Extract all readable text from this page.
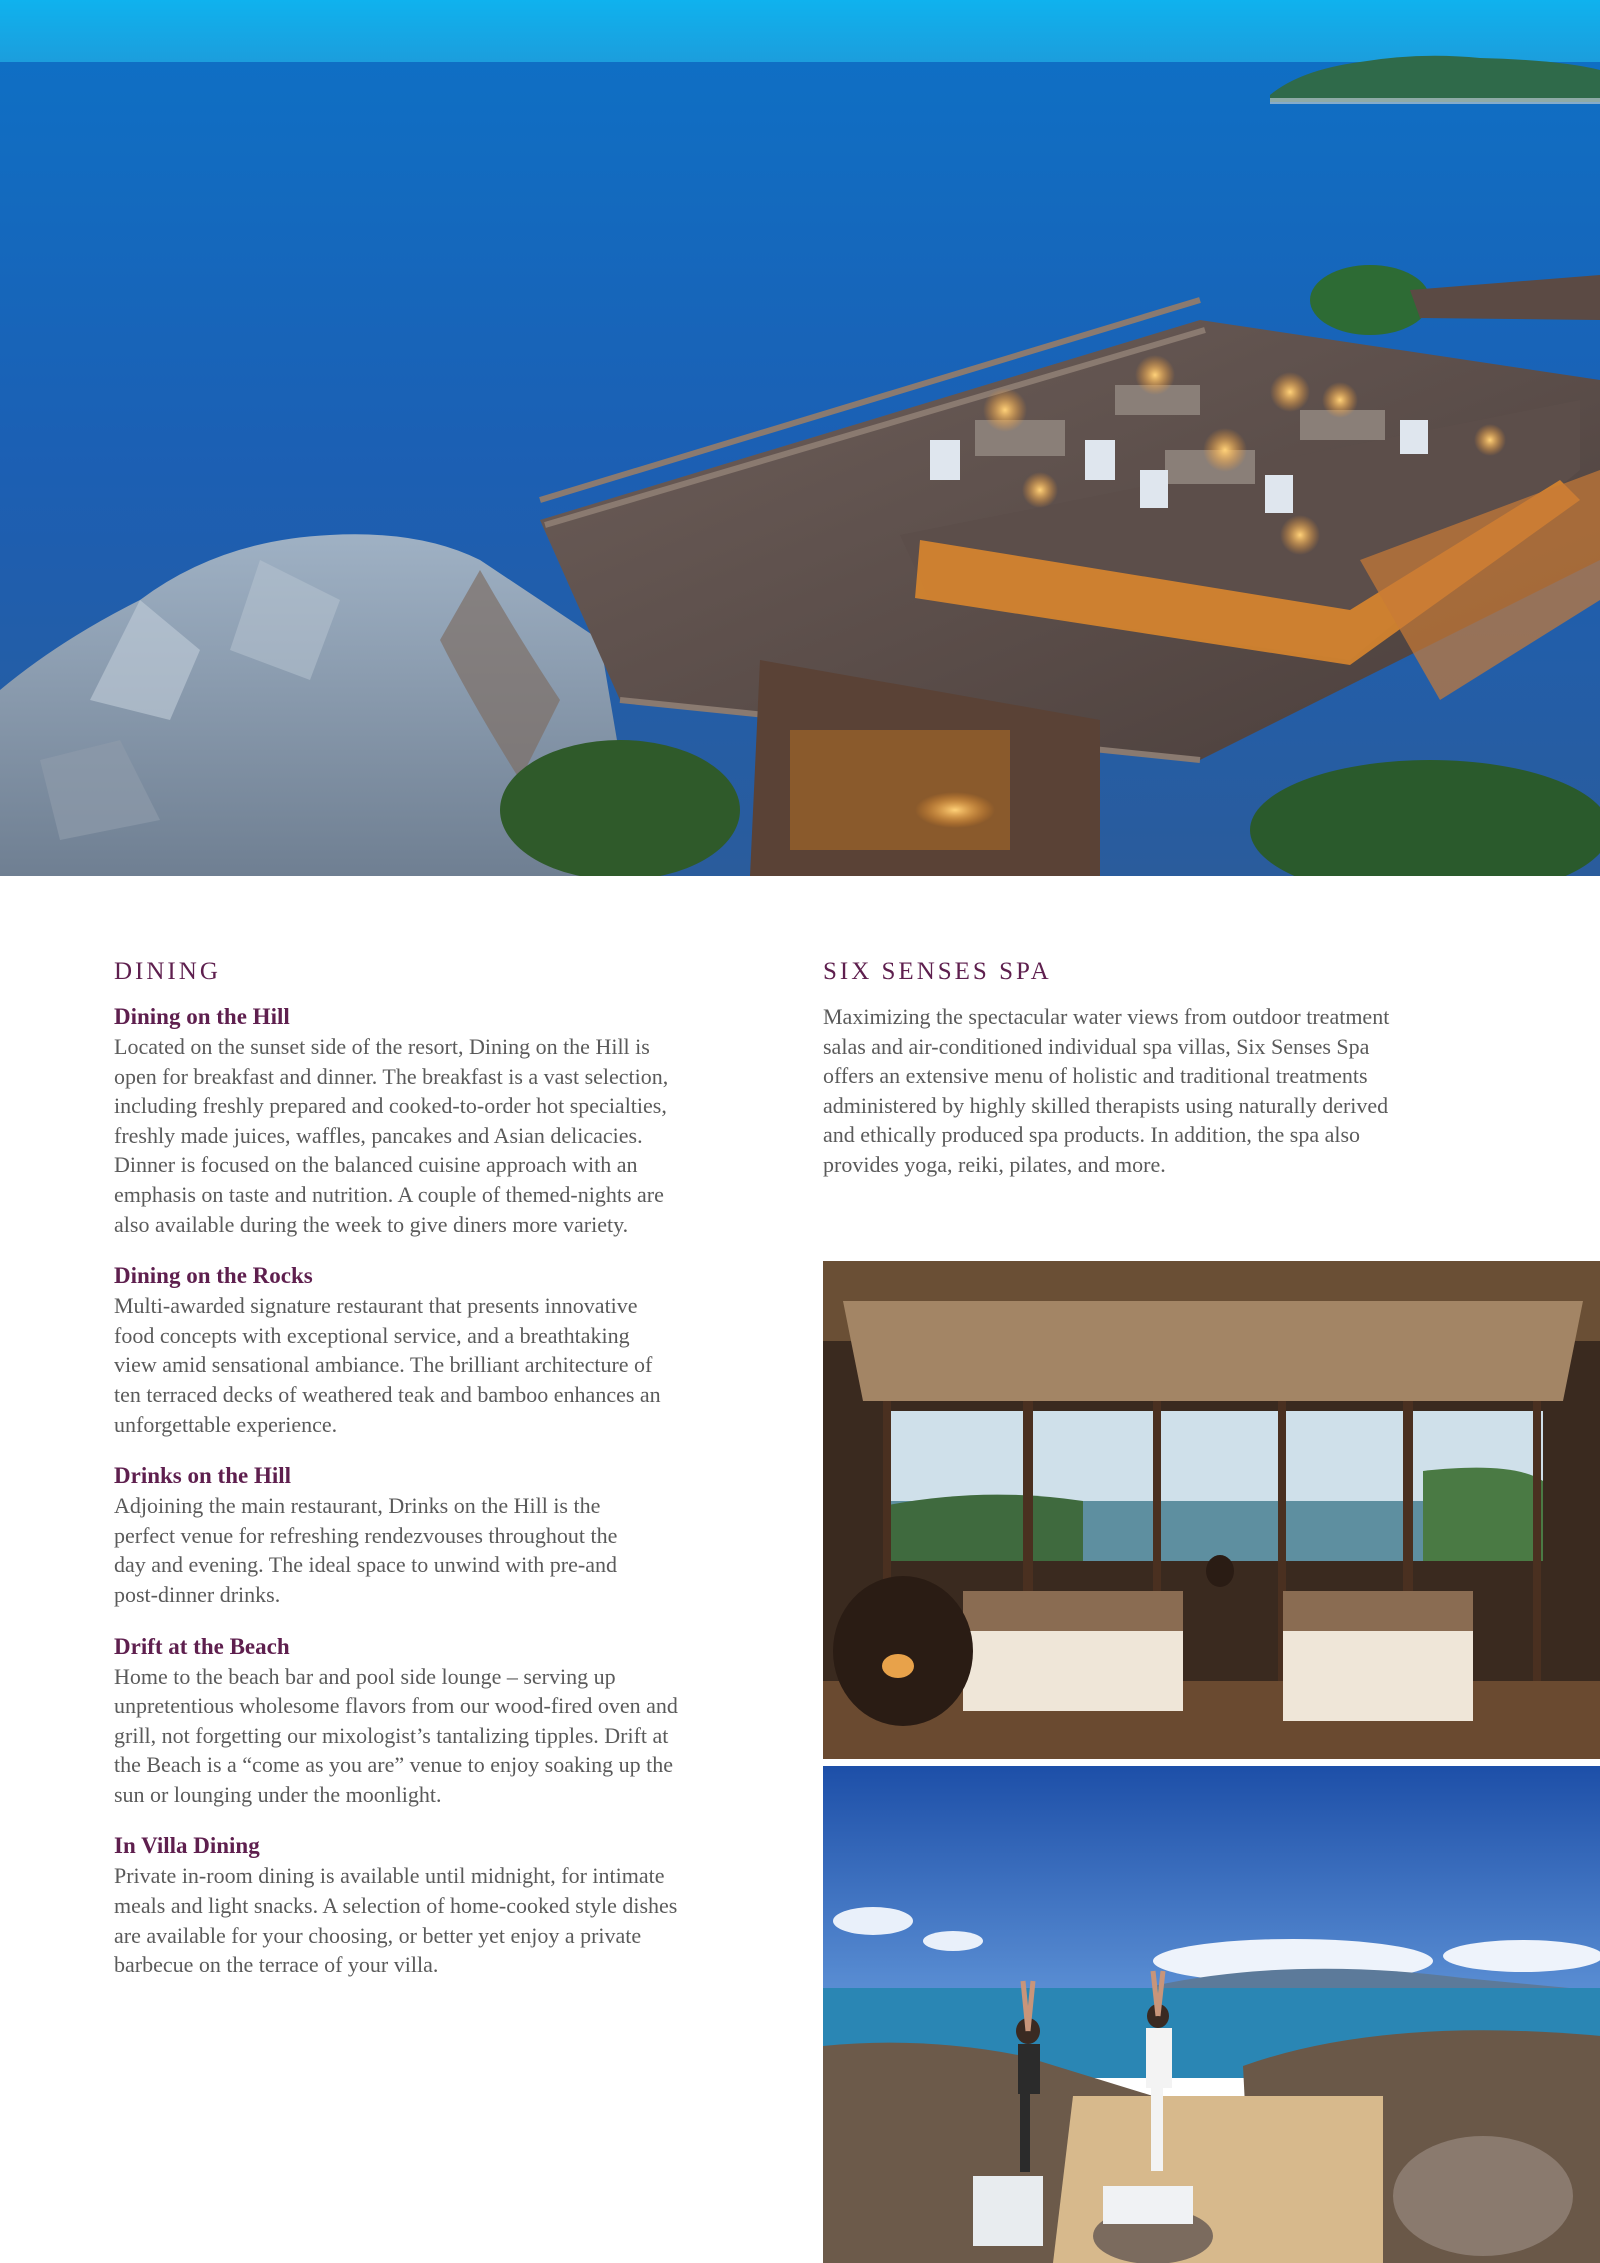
DINING
Dining on the Hill

Located on the sunset side of the resort, Dining on the Hill is
open for breakfast and dinner. The breakfast is a vast selection,
including freshly prepared and cooked-to-order hot specialties,
freshly made juices, waffles, pancakes and Asian delicacies.
Dinner is focused on the balanced cuisine approach with an
emphasis on taste and nutrition. A couple of themed-nights are
also available during the week to give diners more variety.

Dining on the Rocks

Multi-awarded signature restaurant that presents innovative
food concepts with exceptional service, and a breathtaking
view amid sensational ambiance. The brilliant architecture of
ten terraced decks of weathered teak and bamboo enhances an
unforgettable experience.

Drinks on the Hill

Adjoining the main restaurant, Drinks on the Hill is the
perfect venue for refreshing rendezvouses throughout the
day and evening. The ideal space to unwind with pre-and
post-dinner drinks.

Drift at the Beach

Home to the beach bar and pool side lounge – serving up
unpretentious wholesome flavors from our wood-fired oven and
grill, not forgetting our mixologist’s tantalizing tipples. Drift at
the Beach is a “come as you are” venue to enjoy soaking up the
sun or lounging under the moonlight.

In Villa Dining

Private in-room dining is available until midnight, for intimate
meals and light snacks. A selection of home-cooked style dishes
are available for your choosing, or better yet enjoy a private
barbecue on the terrace of your villa.

SIX SENSES SPA

Maximizing the spectacular water views from outdoor treatment
salas and air-conditioned individual spa villas, Six Senses Spa
offers an extensive menu of holistic and traditional treatments
administered by highly skilled therapists using naturally derived
and ethically produced spa products. In addition, the spa also
provides yoga, reiki, pilates, and more.
